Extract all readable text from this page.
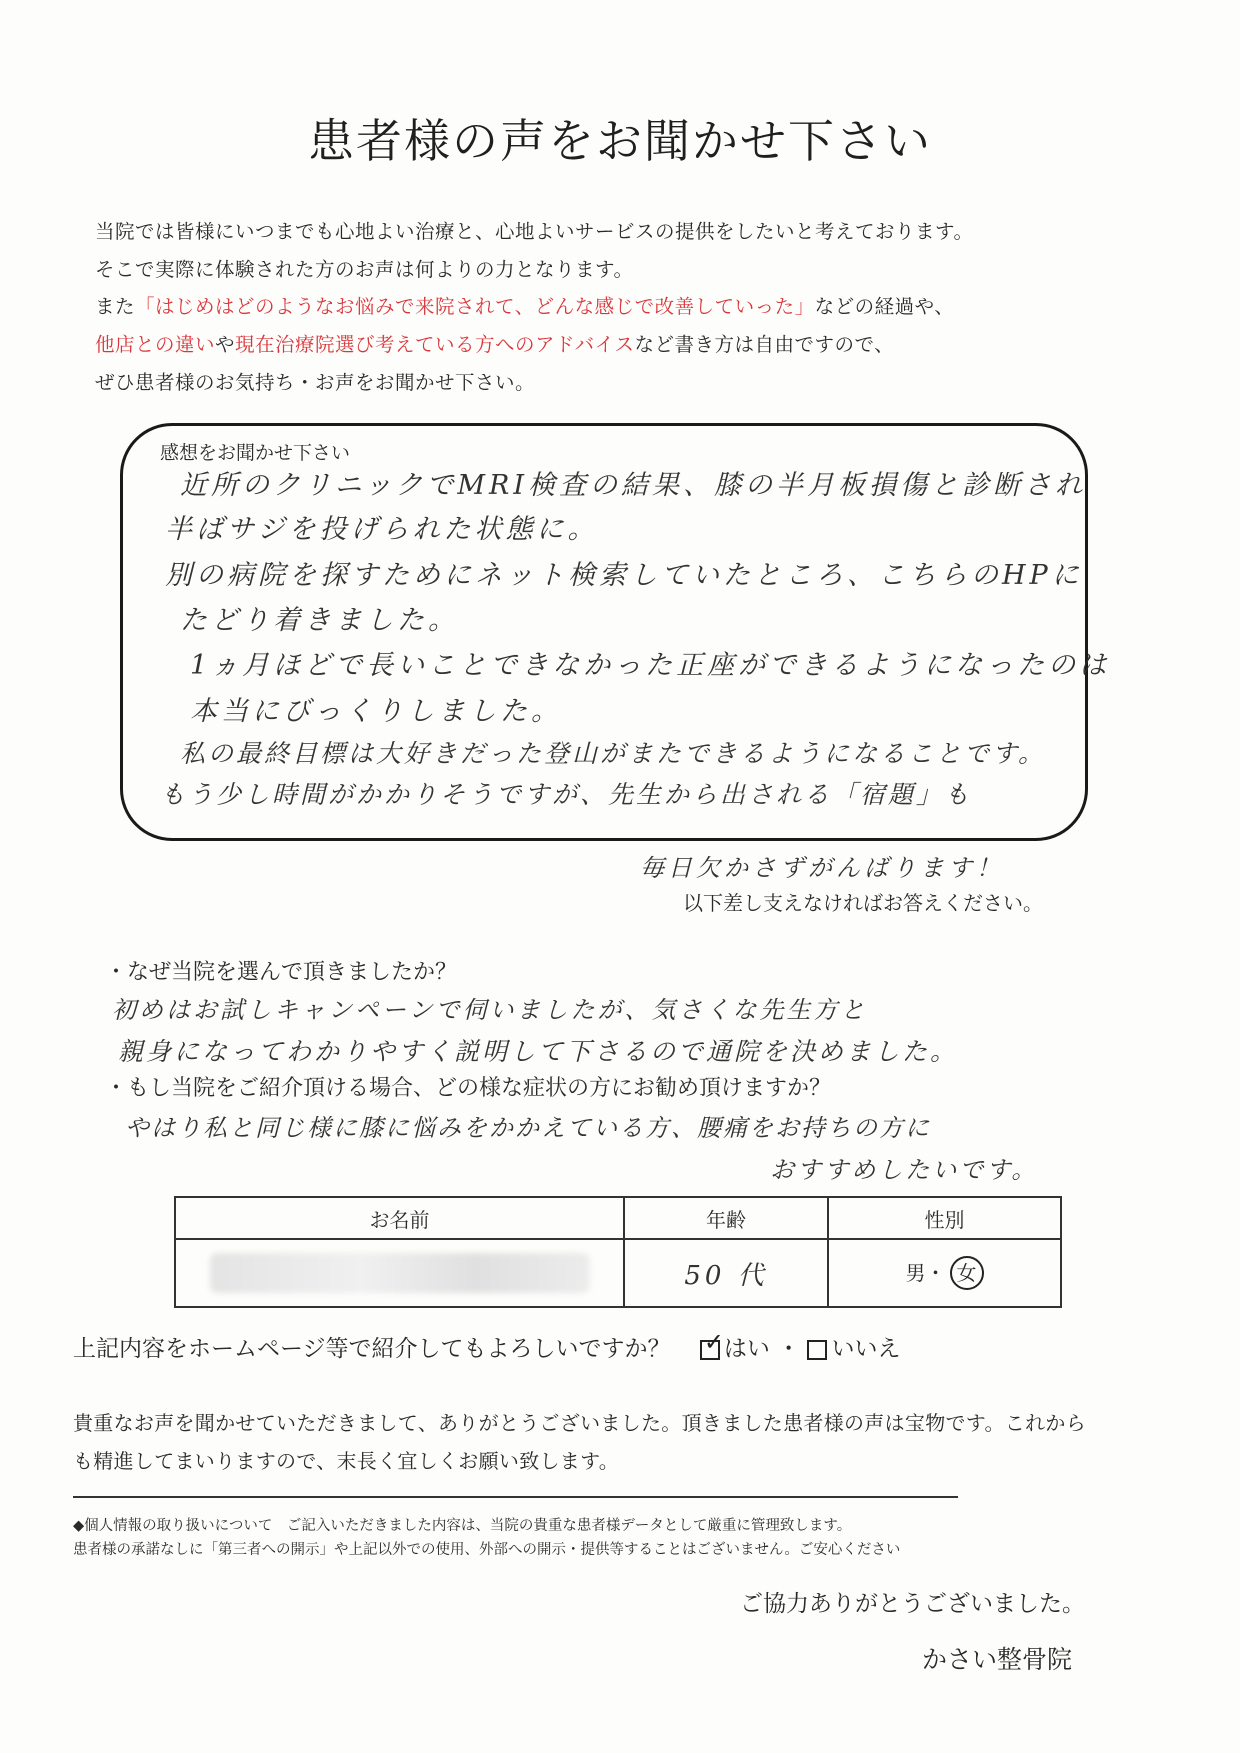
患者様の声をお聞かせ下さい
当院では皆様にいつまでも心地よい治療と、心地よいサービスの提供をしたいと考えております。
そこで実際に体験された方のお声は何よりの力となります。
また「はじめはどのようなお悩みで来院されて、どんな感じで改善していった」などの経過や、
他店との違いや現在治療院選び考えている方へのアドバイスなど書き方は自由ですので、
ぜひ患者様のお気持ち・お声をお聞かせ下さい。
感想をお聞かせ下さい
近所のクリニックでMRI検査の結果、膝の半月板損傷と診断され
半ばサジを投げられた状態に。
別の病院を探すためにネット検索していたところ、こちらのHPに
たどり着きました。
1ヵ月ほどで長いことできなかった正座ができるようになったのは
本当にびっくりしました。
私の最終目標は大好きだった登山がまたできるようになることです。
もう少し時間がかかりそうですが、先生から出される「宿題」も
毎日欠かさずがんばります！
以下差し支えなければお答えください。
・なぜ当院を選んで頂きましたか？
初めはお試しキャンペーンで伺いましたが、気さくな先生方と
親身になってわかりやすく説明して下さるので通院を決めました。
・もし当院をご紹介頂ける場合、どの様な症状の方にお勧め頂けますか？
やはり私と同じ様に膝に悩みをかかえている方、腰痛をお持ちの方に
おすすめしたいです。
お名前	年齢	性別
	50 代	男・ 女
上記内容をホームページ等で紹介してもよろしいですか？ ✓ はい ・ いいえ
貴重なお声を聞かせていただきまして、ありがとうございました。頂きました患者様の声は宝物です。これから
も精進してまいりますので、末長く宜しくお願い致します。
◆個人情報の取り扱いについて　ご記入いただきました内容は、当院の貴重な患者様データとして厳重に管理致します。
患者様の承諾なしに「第三者への開示」や上記以外での使用、外部への開示・提供等することはございません。ご安心ください
ご協力ありがとうございました。
かさい整骨院
